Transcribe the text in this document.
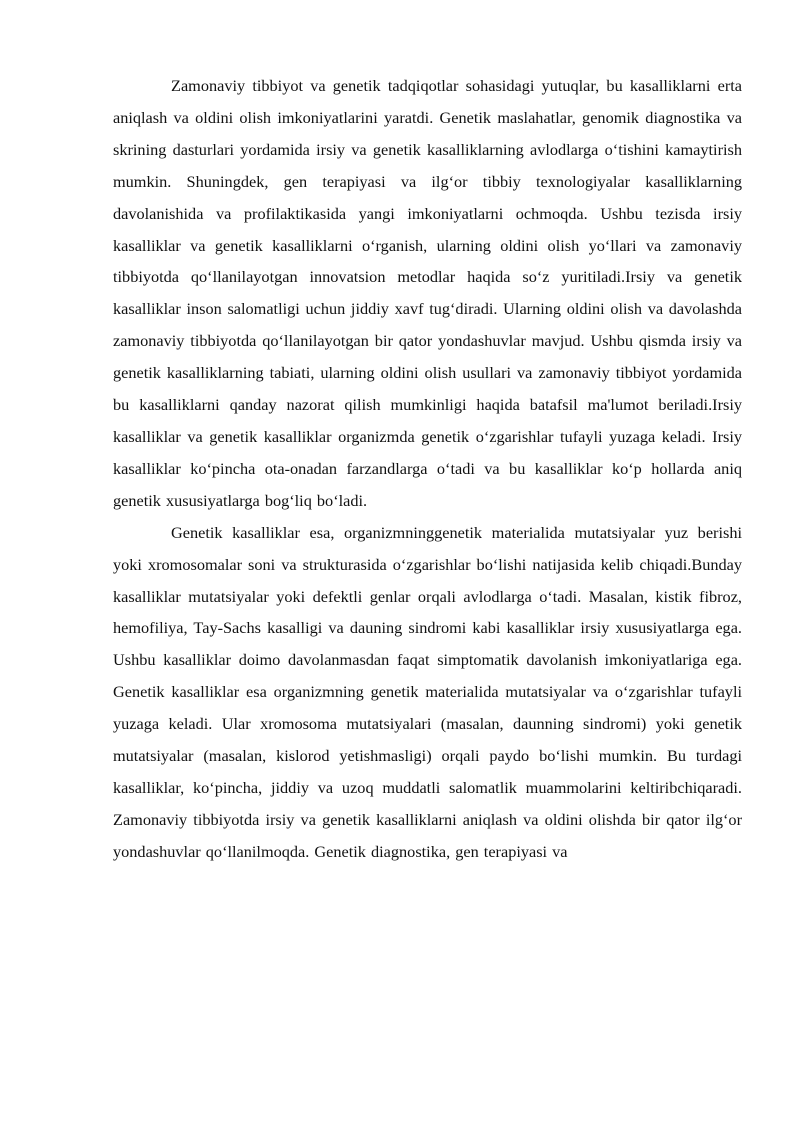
Zamonaviy tibbiyot va genetik tadqiqotlar sohasidagi yutuqlar, bu kasalliklarni erta aniqlash va oldini olish imkoniyatlarini yaratdi. Genetik maslahatlar, genomik diagnostika va skrining dasturlari yordamida irsiy va genetik kasalliklarning avlodlarga o‘tishini kamaytirish mumkin. Shuningdek, gen terapiyasi va ilg‘or tibbiy texnologiyalar kasalliklarning davolanishida va profilaktikasida yangi imkoniyatlarni ochmoqda. Ushbu tezisda irsiy kasalliklar va genetik kasalliklarni o‘rganish, ularning oldini olish yo‘llari va zamonaviy tibbiyotda qo‘llanilayotgan innovatsion metodlar haqida so‘z yuritiladi.Irsiy va genetik kasalliklar inson salomatligi uchun jiddiy xavf tug‘diradi. Ularning oldini olish va davolashda zamonaviy tibbiyotda qo‘llanilayotgan bir qator yondashuvlar mavjud. Ushbu qismda irsiy va genetik kasalliklarning tabiati, ularning oldini olish usullari va zamonaviy tibbiyot yordamida bu kasalliklarni qanday nazorat qilish mumkinligi haqida batafsil ma'lumot beriladi.Irsiy kasalliklar va genetik kasalliklar organizmda genetik o‘zgarishlar tufayli yuzaga keladi. Irsiy kasalliklar ko‘pincha ota-onadan farzandlarga o‘tadi va bu kasalliklar ko‘p hollarda aniq genetik xususiyatlarga bog‘liq bo‘ladi.

Genetik kasalliklar esa, organizmninggenetik materialida mutatsiyalar yuz berishi yoki xromosomalar soni va strukturasida o‘zgarishlar bo‘lishi natijasida kelib chiqadi.Bunday kasalliklar mutatsiyalar yoki defektli genlar orqali avlodlarga o‘tadi. Masalan, kistik fibroz, hemofiliya, Tay-Sachs kasalligi va dauning sindromi kabi kasalliklar irsiy xususiyatlarga ega. Ushbu kasalliklar doimo davolanmasdan faqat simptomatik davolanish imkoniyatlariga ega. Genetik kasalliklar esa organizmning genetik materialida mutatsiyalar va o‘zgarishlar tufayli yuzaga keladi. Ular xromosoma mutatsiyalari (masalan, daunning sindromi) yoki genetik mutatsiyalar (masalan, kislorod yetishmasligi) orqali paydo bo‘lishi mumkin. Bu turdagi kasalliklar, ko‘pincha, jiddiy va uzoq muddatli salomatlik muammolarini keltiribchiqaradi. Zamonaviy tibbiyotda irsiy va genetik kasalliklarni aniqlash va oldini olishda bir qator ilg‘or yondashuvlar qo‘llanilmoqda. Genetik diagnostika, gen terapiyasi va
